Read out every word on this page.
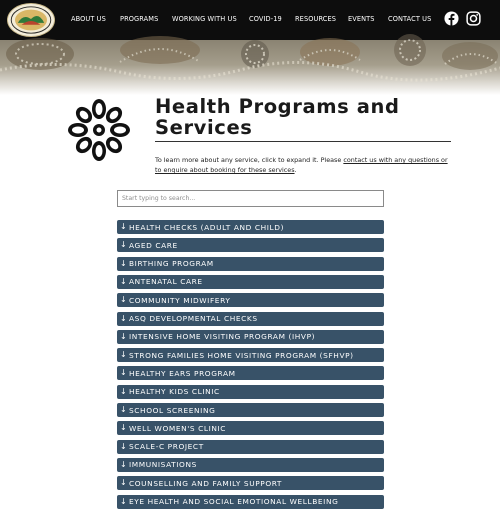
ABOUT US PROGRAMS WORKING WITH US COVID-19 RESOURCES EVENTS CONTACT US
Health Programs and
Services

To learn more about any service, click to expand it. Please contact us with any questions or to enquire about booking for these services.

Start typing to search...
↓ HEALTH CHECKS (ADULT AND CHILD)
↓ AGED CARE
↓ BIRTHING PROGRAM
↓ ANTENATAL CARE
↓ COMMUNITY MIDWIFERY
↓ ASQ DEVELOPMENTAL CHECKS
↓ INTENSIVE HOME VISITING PROGRAM (IHVP)
↓ STRONG FAMILIES HOME VISITING PROGRAM (SFHVP)
↓ HEALTHY EARS PROGRAM
↓ HEALTHY KIDS CLINIC
↓ SCHOOL SCREENING
↓ WELL WOMEN'S CLINIC
↓ SCALE-C PROJECT
↓ IMMUNISATIONS
↓ COUNSELLING AND FAMILY SUPPORT
↓ EYE HEALTH AND SOCIAL EMOTIONAL WELLBEING
